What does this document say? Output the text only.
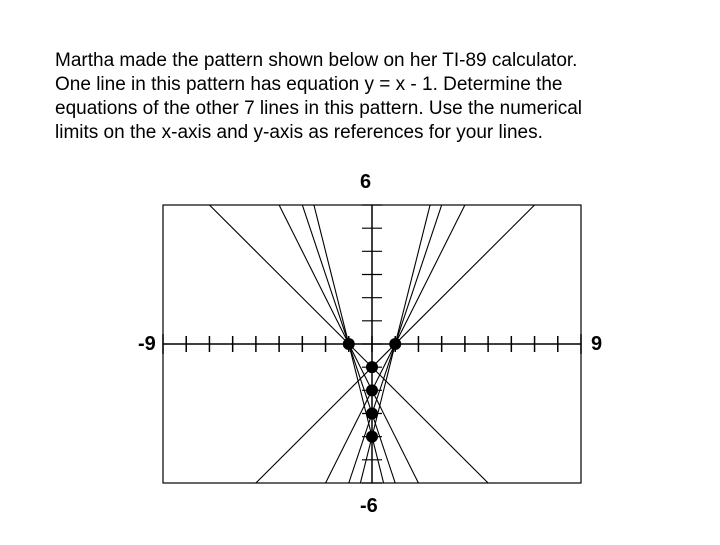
Martha made the pattern shown below on her TI-89 calculator.
One line in this pattern has equation y = x - 1. Determine the
equations of the other 7 lines in this pattern. Use the numerical
limits on the x-axis and y-axis as references for your lines.
6
-6
-9	9
